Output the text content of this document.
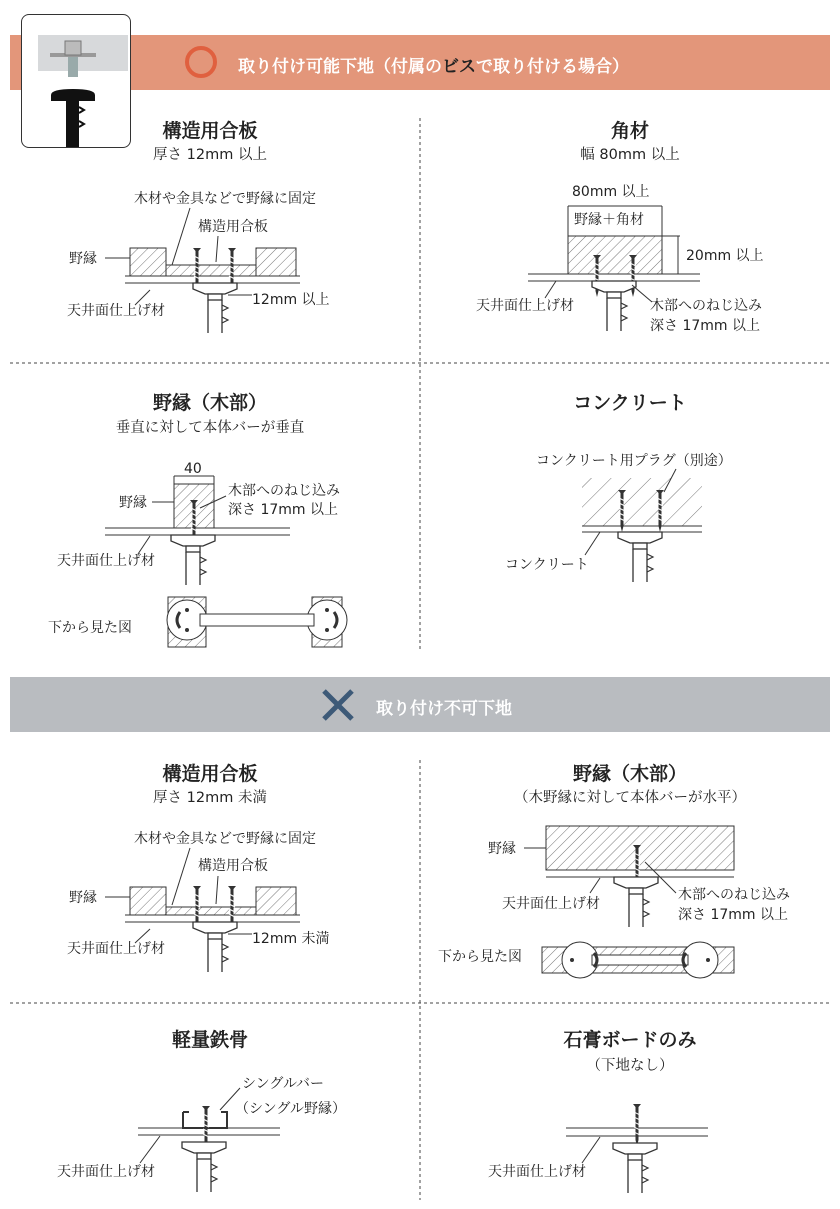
取り付け可能下地（付属のビスで取り付ける場合）
取り付け不可下地
構造用合板
厚さ 12mm 以上
木材や金具などで野縁に固定
構造用合板
野縁
12mm 以上
天井面仕上げ材
角材
幅 80mm 以上
80mm 以上
野縁＋角材
20mm 以上
天井面仕上げ材	木部へのねじ込み
深さ 17mm 以上
野縁（木部）
垂直に対して本体バーが垂直
40
野縁
木部へのねじ込み
深さ 17mm 以上
天井面仕上げ材
下から見た図
コンクリート
コンクリート用プラグ（別途）
コンクリート
構造用合板
厚さ 12mm 未満
木材や金具などで野縁に固定
構造用合板
野縁
12mm 未満
天井面仕上げ材
野縁（木部）
（木野縁に対して本体バーが水平）
野縁
天井面仕上げ材
木部へのねじ込み
深さ 17mm 以上
下から見た図
軽量鉄骨
シングルバー
（シングル野縁）
天井面仕上げ材
石膏ボードのみ
（下地なし）
天井面仕上げ材
